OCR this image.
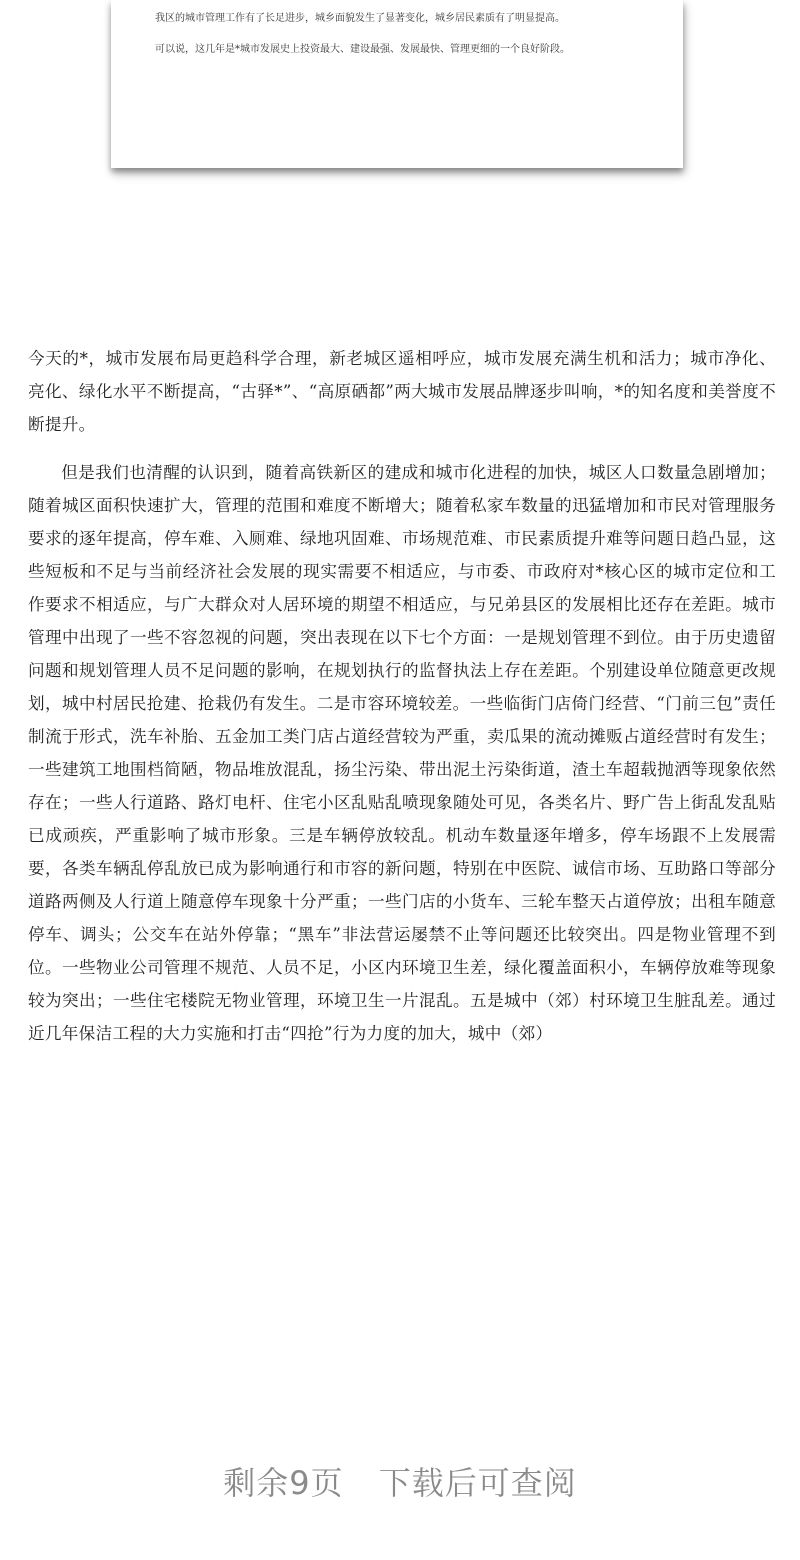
我区的城市管理工作有了长足进步，城乡面貌发生了显著变化，城乡居民素质有了明显提高。
可以说，这几年是*城市发展史上投资最大、建设最强、发展最快、管理更细的一个良好阶段。

今天的*，城市发展布局更趋科学合理，新老城区遥相呼应，城市发展充满生机和活力；城市净化、亮化、绿化水平不断提高，“古驿*”、“高原硒都”两大城市发展品牌逐步叫响，*的知名度和美誉度不断提升。

但是我们也清醒的认识到，随着高铁新区的建成和城市化进程的加快，城区人口数量急剧增加；随着城区面积快速扩大，管理的范围和难度不断增大；随着私家车数量的迅猛增加和市民对管理服务要求的逐年提高，停车难、入厕难、绿地巩固难、市场规范难、市民素质提升难等问题日趋凸显，这些短板和不足与当前经济社会发展的现实需要不相适应，与市委、市政府对*核心区的城市定位和工作要求不相适应，与广大群众对人居环境的期望不相适应，与兄弟县区的发展相比还存在差距。城市管理中出现了一些不容忽视的问题，突出表现在以下七个方面：一是规划管理不到位。由于历史遗留问题和规划管理人员不足问题的影响，在规划执行的监督执法上存在差距。个别建设单位随意更改规划，城中村居民抢建、抢栽仍有发生。二是市容环境较差。一些临街门店倚门经营、“门前三包”责任制流于形式，洗车补胎、五金加工类门店占道经营较为严重，卖瓜果的流动摊贩占道经营时有发生；一些建筑工地围档简陋，物品堆放混乱，扬尘污染、带出泥土污染街道，渣土车超载抛洒等现象依然存在；一些人行道路、路灯电杆、住宅小区乱贴乱喷现象随处可见，各类名片、野广告上街乱发乱贴已成顽疾，严重影响了城市形象。三是车辆停放较乱。机动车数量逐年增多，停车场跟不上发展需要，各类车辆乱停乱放已成为影响通行和市容的新问题，特别在中医院、诚信市场、互助路口等部分道路两侧及人行道上随意停车现象十分严重；一些门店的小货车、三轮车整天占道停放；出租车随意停车、调头；公交车在站外停靠；“黑车”非法营运屡禁不止等问题还比较突出。四是物业管理不到位。一些物业公司管理不规范、人员不足，小区内环境卫生差，绿化覆盖面积小，车辆停放难等现象较为突出；一些住宅楼院无物业管理，环境卫生一片混乱。五是城中（郊）村环境卫生脏乱差。通过近几年保洁工程的大力实施和打击“四抢”行为力度的加大，城中（郊）

剩余9页 下载后可查阅
